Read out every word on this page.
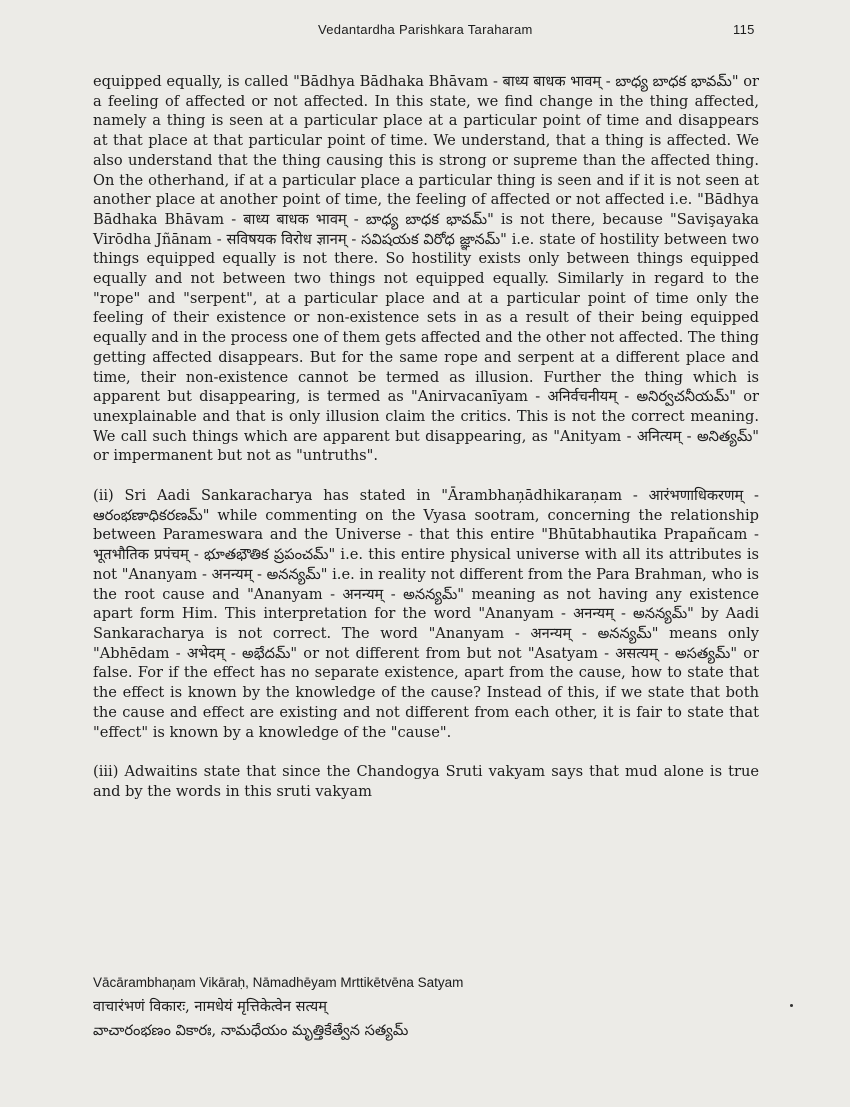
Vedantardha Parishkara Taraharam	115

equipped equally, is called "Bādhya Bādhaka Bhāvam - बाध्य बाधक भावम् - బాధ్య బాధక భావమ్" or a feeling of affected or not affected. In this state, we find change in the thing affected, namely a thing is seen at a particular place at a particular point of time and disappears at that place at that particular point of time. We understand, that a thing is affected. We also understand that the thing causing this is strong or supreme than the affected thing. On the otherhand, if at a particular place a particular thing is seen and if it is not seen at another place at another point of time, the feeling of affected or not affected i.e. "Bādhya Bādhaka Bhāvam - बाध्य बाधक भावम् - బాధ్య బాధక భావమ్" is not there, because "Savişayaka Virōdha Jñānam - सविषयक विरोध ज्ञानम् - సవిషయక విరోధ జ్ఞానమ్" i.e. state of hostility between two things equipped equally is not there. So hostility exists only between things equipped equally and not between two things not equipped equally. Similarly in regard to the "rope" and "serpent", at a particular place and at a particular point of time only the feeling of their existence or non-existence sets in as a result of their being equipped equally and in the process one of them gets affected and the other not affected. The thing getting affected disappears. But for the same rope and serpent at a different place and time, their non-existence cannot be termed as illusion. Further the thing which is apparent but disappearing, is termed as "Anirvacanīyam - अनिर्वचनीयम् - అనిర్వచనీయమ్" or unexplainable and that is only illusion claim the critics. This is not the correct meaning. We call such things which are apparent but disappearing, as "Anityam - अनित्यम् - అనిత్యమ్" or impermanent but not as "untruths".

(ii) Sri Aadi Sankaracharya has stated in "Ārambhaņādhikaraņam - आरंभणाधिकरणम् - ఆరంభణాధికరణమ్" while commenting on the Vyasa sootram, concerning the relationship between Parameswara and the Universe - that this entire "Bhūtabhautika Prapañcam - भूतभौतिक प्रपंचम् - భూతభౌతిక ప్రపంచమ్" i.e. this entire physical universe with all its attributes is not "Ananyam - अनन्यम् - అనన్యమ్" i.e. in reality not different from the Para Brahman, who is the root cause and "Ananyam - अनन्यम् - అనన్యమ్" meaning as not having any existence apart form Him. This interpretation for the word "Ananyam - अनन्यम् - అనన్యమ్" by Aadi Sankaracharya is not correct. The word "Ananyam - अनन्यम् - అనన్యమ్" means only "Abhēdam - अभेदम् - అభేదమ్" or not different from but not "Asatyam - असत्यम् - అసత్యమ్" or false. For if the effect has no separate existence, apart from the cause, how to state that the effect is known by the knowledge of the cause? Instead of this, if we state that both the cause and effect are existing and not different from each other, it is fair to state that "effect" is known by a knowledge of the "cause".

(iii) Adwaitins state that since the Chandogya Sruti vakyam says that mud alone is true and by the words in this sruti vakyam

Vācārambhaņam Vikāraḥ, Nāmadhēyam Mrttikētvēna Satyam
वाचारंभणं विकारः, नामधेयं मृत्तिकेत्वेन सत्यम्
వాచారంభణం వికారః, నామధేయం మృత్తికేత్వేన సత్యమ్
